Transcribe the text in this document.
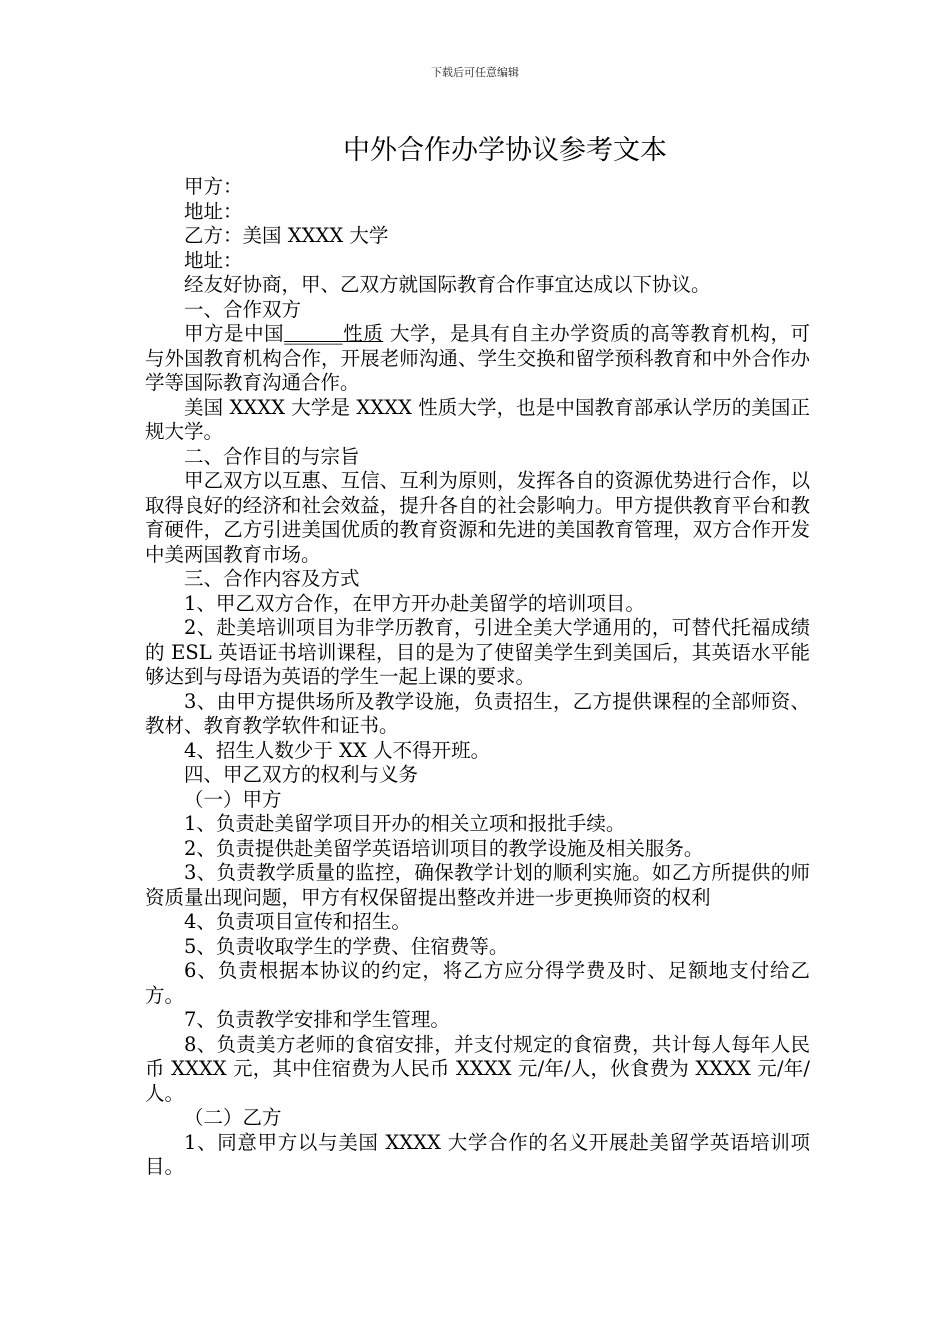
下载后可任意编辑
中外合作办学协议参考文本

甲方：

地址：

乙方：美国 XXXX 大学

地址：

经友好协商，甲、乙双方就国际教育合作事宜达成以下协议。

一、合作双方

甲方是中国______性质 大学，是具有自主办学资质的高等教育机构，可与外国教育机构合作，开展老师沟通、学生交换和留学预科教育和中外合作办学等国际教育沟通合作。

美国 XXXX 大学是 XXXX 性质大学，也是中国教育部承认学历的美国正规大学。

二、合作目的与宗旨

甲乙双方以互惠、互信、互利为原则，发挥各自的资源优势进行合作，以取得良好的经济和社会效益，提升各自的社会影响力。甲方提供教育平台和教育硬件，乙方引进美国优质的教育资源和先进的美国教育管理，双方合作开发中美两国教育市场。

三、合作内容及方式

1、甲乙双方合作，在甲方开办赴美留学的培训项目。

2、赴美培训项目为非学历教育，引进全美大学通用的，可替代托福成绩的 ESL 英语证书培训课程，目的是为了使留美学生到美国后，其英语水平能够达到与母语为英语的学生一起上课的要求。

3、由甲方提供场所及教学设施，负责招生，乙方提供课程的全部师资、教材、教育教学软件和证书。

4、招生人数少于 XX 人不得开班。

四、甲乙双方的权利与义务

（一）甲方

1、负责赴美留学项目开办的相关立项和报批手续。

2、负责提供赴美留学英语培训项目的教学设施及相关服务。

3、负责教学质量的监控，确保教学计划的顺利实施。如乙方所提供的师资质量出现问题，甲方有权保留提出整改并进一步更换师资的权利

4、负责项目宣传和招生。

5、负责收取学生的学费、住宿费等。

6、负责根据本协议的约定，将乙方应分得学费及时、足额地支付给乙方。

7、负责教学安排和学生管理。

8、负责美方老师的食宿安排，并支付规定的食宿费，共计每人每年人民币 XXXX 元，其中住宿费为人民币 XXXX 元/年/人，伙食费为 XXXX 元/年/人。

（二）乙方

1、同意甲方以与美国 XXXX 大学合作的名义开展赴美留学英语培训项目。
